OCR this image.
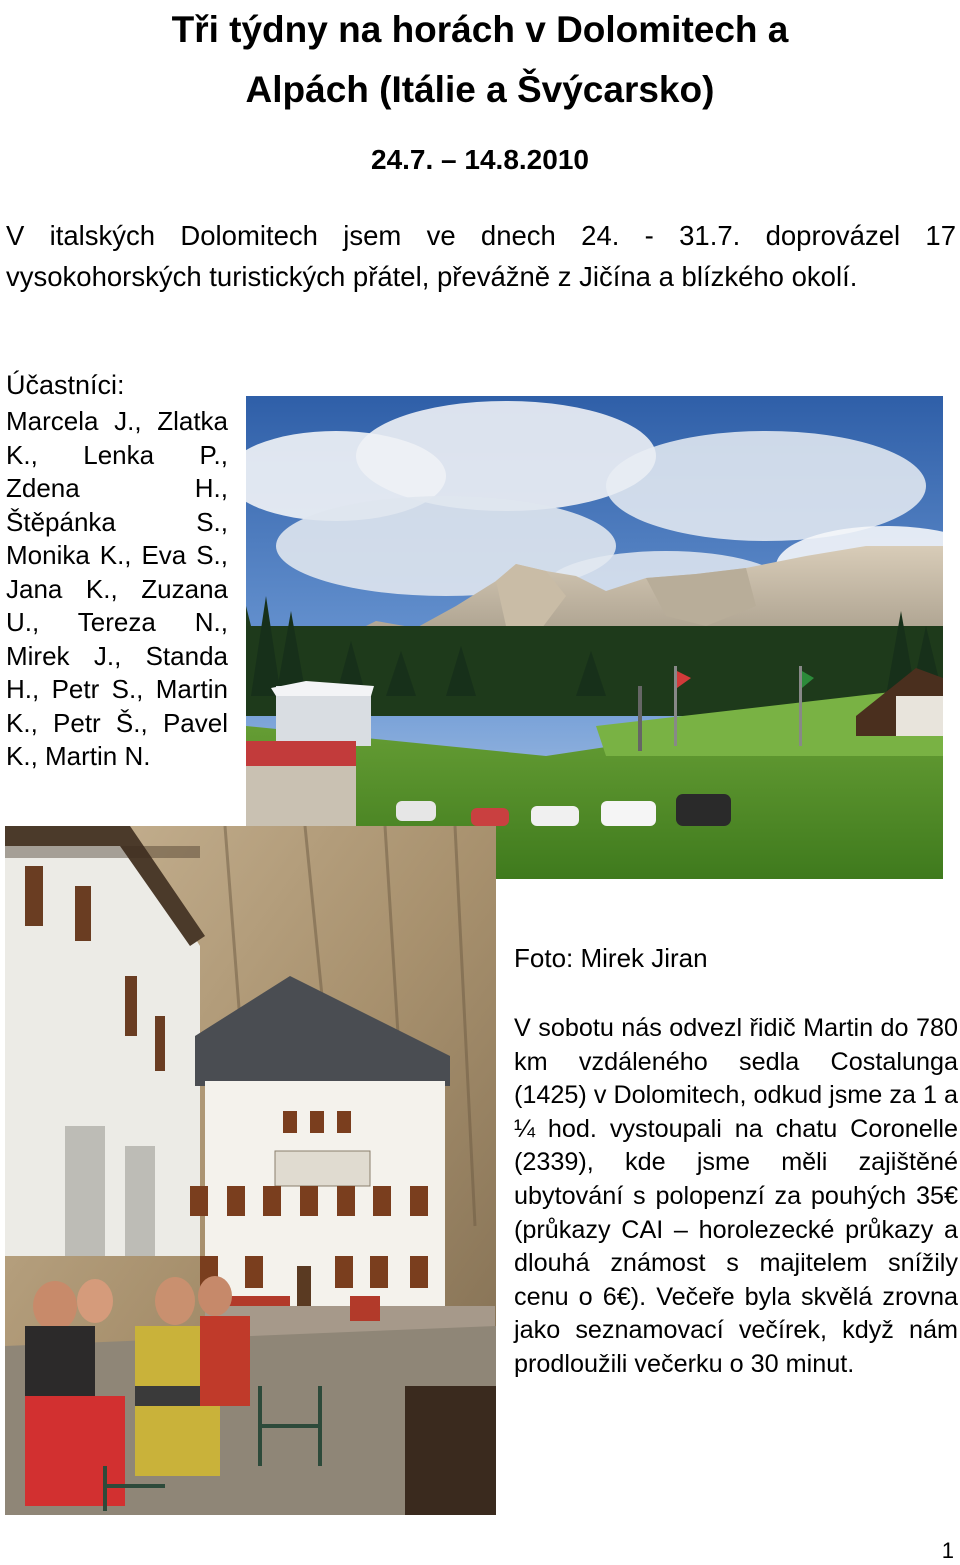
Tři týdny na horách v Dolomitech a
Alpách (Itálie a Švýcarsko)
24.7. – 14.8.2010
V italských Dolomitech jsem ve dnech 24. - 31.7. doprovázel 17 vysokohorských turistických přátel, převážně z Jičína a blízkého okolí.
Účastníci:
Marcela J., Zlatka K., Lenka P., Zdena H., Štěpánka S., Monika K., Eva S., Jana K., Zuzana U., Tereza N., Mirek J., Standa H., Petr S., Martin K., Petr Š., Pavel K., Martin N.
Foto: Mirek Jiran
V sobotu nás odvezl řidič Martin do 780 km vzdáleného sedla Costalunga (1425) v Dolomitech, odkud jsme za 1 a ¼ hod. vystoupali na chatu Coronelle (2339), kde jsme měli zajištěné ubytování s polopenzí za pouhých 35€ (průkazy CAI – horolezecké průkazy a dlouhá známost s majitelem snížily cenu o 6€). Večeře byla skvělá zrovna jako seznamovací večírek, když nám prodloužili večerku o 30 minut.
1
